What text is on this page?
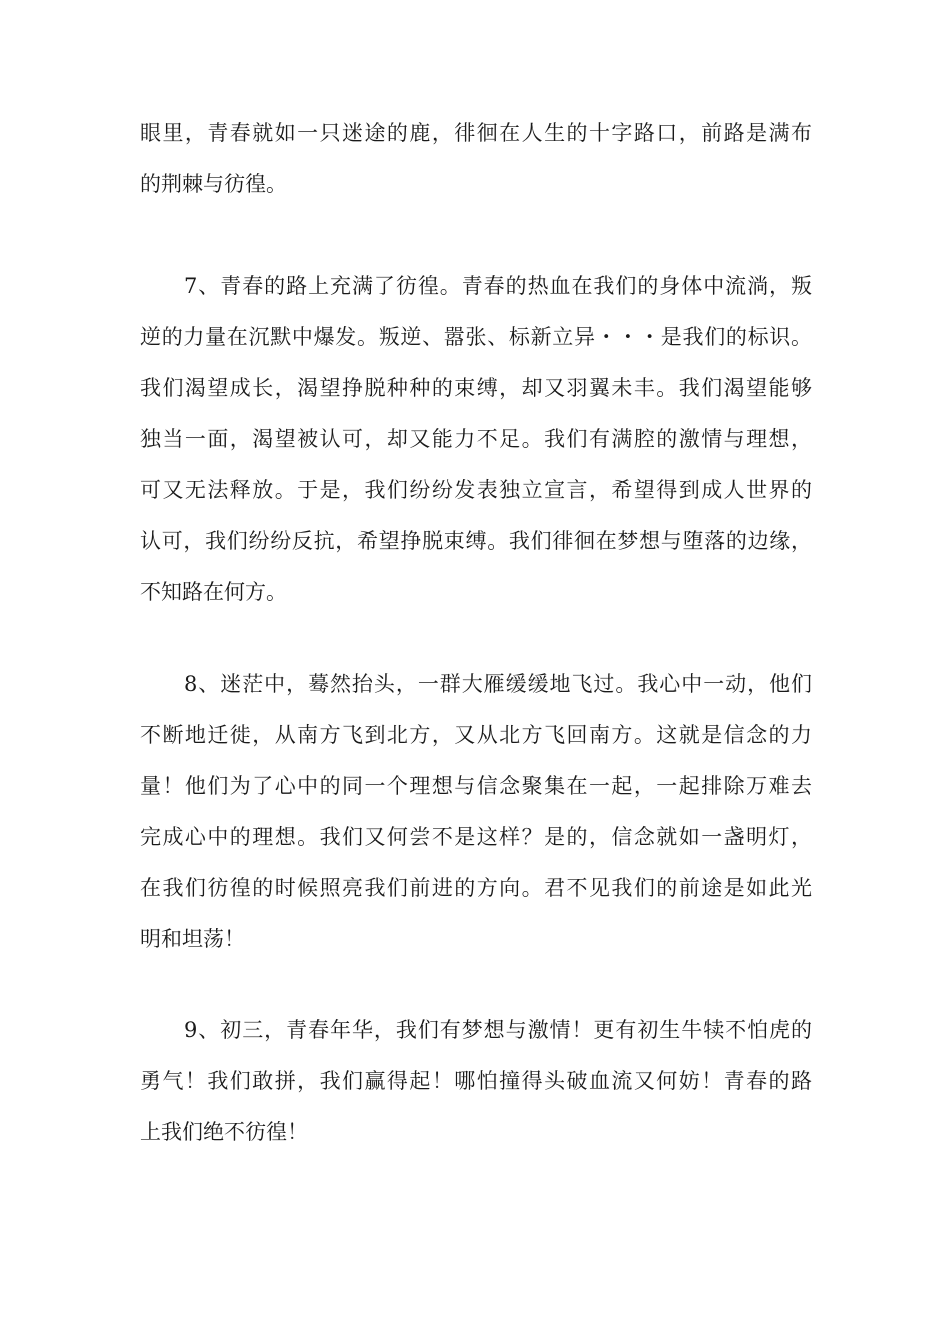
眼里，青春就如一只迷途的鹿，徘徊在人生的十字路口，前路是满布
的荆棘与彷徨。
7、青春的路上充满了彷徨。青春的热血在我们的身体中流淌，叛
逆的力量在沉默中爆发。叛逆、嚣张、标新立异・・・是我们的标识。
我们渴望成长，渴望挣脱种种的束缚，却又羽翼未丰。我们渴望能够
独当一面，渴望被认可，却又能力不足。我们有满腔的激情与理想，
可又无法释放。于是，我们纷纷发表独立宣言，希望得到成人世界的
认可，我们纷纷反抗，希望挣脱束缚。我们徘徊在梦想与堕落的边缘，
不知路在何方。
8、迷茫中，蓦然抬头，一群大雁缓缓地飞过。我心中一动，他们
不断地迁徙，从南方飞到北方，又从北方飞回南方。这就是信念的力
量！他们为了心中的同一个理想与信念聚集在一起，一起排除万难去
完成心中的理想。我们又何尝不是这样？是的，信念就如一盏明灯，
在我们彷徨的时候照亮我们前进的方向。君不见我们的前途是如此光
明和坦荡！
9、初三，青春年华，我们有梦想与激情！更有初生牛犊不怕虎的
勇气！我们敢拼，我们赢得起！哪怕撞得头破血流又何妨！青春的路
上我们绝不彷徨！
